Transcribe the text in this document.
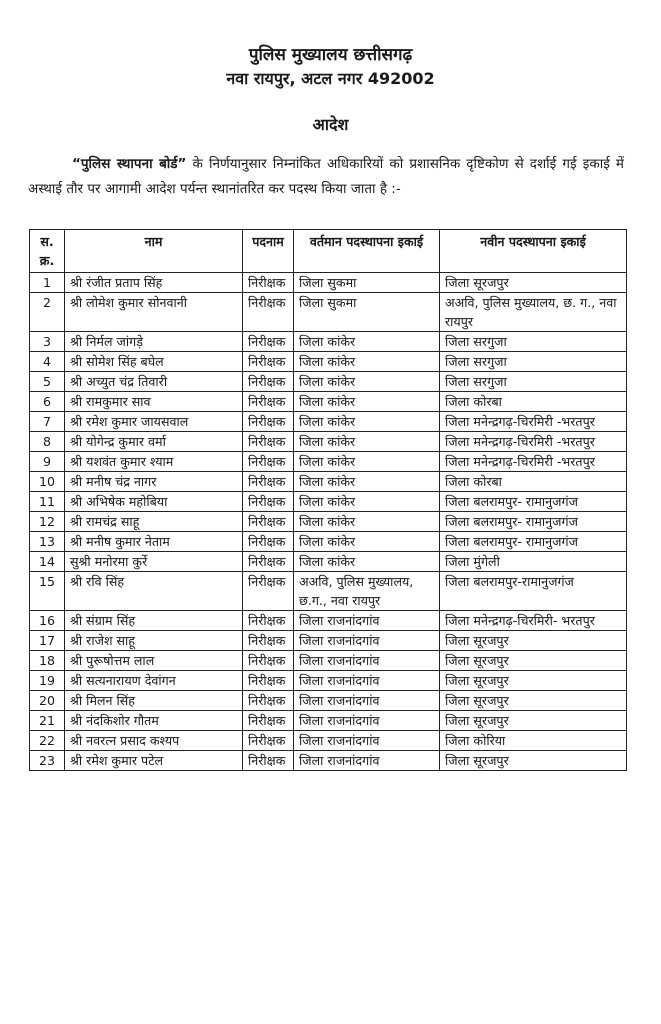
पुलिस मुख्यालय छत्तीसगढ़
नवा रायपुर, अटल नगर 492002
आदेश
“पुलिस स्थापना बोर्ड” के निर्णयानुसार निम्नांकित अधिकारियों को प्रशासनिक दृष्टिकोण से दर्शाई गई इकाई में अस्थाई तौर पर आगामी आदेश पर्यन्त स्थानांतरित कर पदस्थ किया जाता है :-
स. क्र.	नाम	पदनाम	वर्तमान पदस्थापना इकाई	नवीन पदस्थापना इकाई
1	श्री रंजीत प्रताप सिंह	निरीक्षक	जिला सुकमा	जिला सूरजपुर
2	श्री लोमेश कुमार सोनवानी	निरीक्षक	जिला सुकमा	अअवि, पुलिस मुख्यालय, छ. ग., नवा रायपुर
3	श्री निर्मल जांगड़े	निरीक्षक	जिला कांकेर	जिला सरगुजा
4	श्री सोमेश सिंह बघेल	निरीक्षक	जिला कांकेर	जिला सरगुजा
5	श्री अच्युत चंद्र तिवारी	निरीक्षक	जिला कांकेर	जिला सरगुजा
6	श्री रामकुमार साव	निरीक्षक	जिला कांकेर	जिला कोरबा
7	श्री रमेश कुमार जायसवाल	निरीक्षक	जिला कांकेर	जिला मनेन्द्रगढ़-चिरमिरी -भरतपुर
8	श्री योगेन्द्र कुमार वर्मा	निरीक्षक	जिला कांकेर	जिला मनेन्द्रगढ़-चिरमिरी -भरतपुर
9	श्री यशवंत कुमार श्याम	निरीक्षक	जिला कांकेर	जिला मनेन्द्रगढ़-चिरमिरी -भरतपुर
10	श्री मनीष चंद्र नागर	निरीक्षक	जिला कांकेर	जिला कोरबा
11	श्री अभिषेक महोबिया	निरीक्षक	जिला कांकेर	जिला बलरामपुर- रामानुजगंज
12	श्री रामचंद्र साहू	निरीक्षक	जिला कांकेर	जिला बलरामपुर- रामानुजगंज
13	श्री मनीष कुमार नेताम	निरीक्षक	जिला कांकेर	जिला बलरामपुर- रामानुजगंज
14	सुश्री मनोरमा कुर्रे	निरीक्षक	जिला कांकेर	जिला मुंगेली
15	श्री रवि सिंह	निरीक्षक	अअवि, पुलिस मुख्यालय, छ.ग., नवा रायपुर	जिला बलरामपुर-रामानुजगंज
16	श्री संग्राम सिंह	निरीक्षक	जिला राजनांदगांव	जिला मनेन्द्रगढ़-चिरमिरी- भरतपुर
17	श्री राजेश साहू	निरीक्षक	जिला राजनांदगांव	जिला सूरजपुर
18	श्री पुरूषोत्तम लाल	निरीक्षक	जिला राजनांदगांव	जिला सूरजपुर
19	श्री सत्यनारायण देवांगन	निरीक्षक	जिला राजनांदगांव	जिला सूरजपुर
20	श्री मिलन सिंह	निरीक्षक	जिला राजनांदगांव	जिला सूरजपुर
21	श्री नंदकिशोर गौतम	निरीक्षक	जिला राजनांदगांव	जिला सूरजपुर
22	श्री नवरत्न प्रसाद कश्यप	निरीक्षक	जिला राजनांदगांव	जिला कोरिया
23	श्री रमेश कुमार पटेल	निरीक्षक	जिला राजनांदगांव	जिला सूरजपुर
